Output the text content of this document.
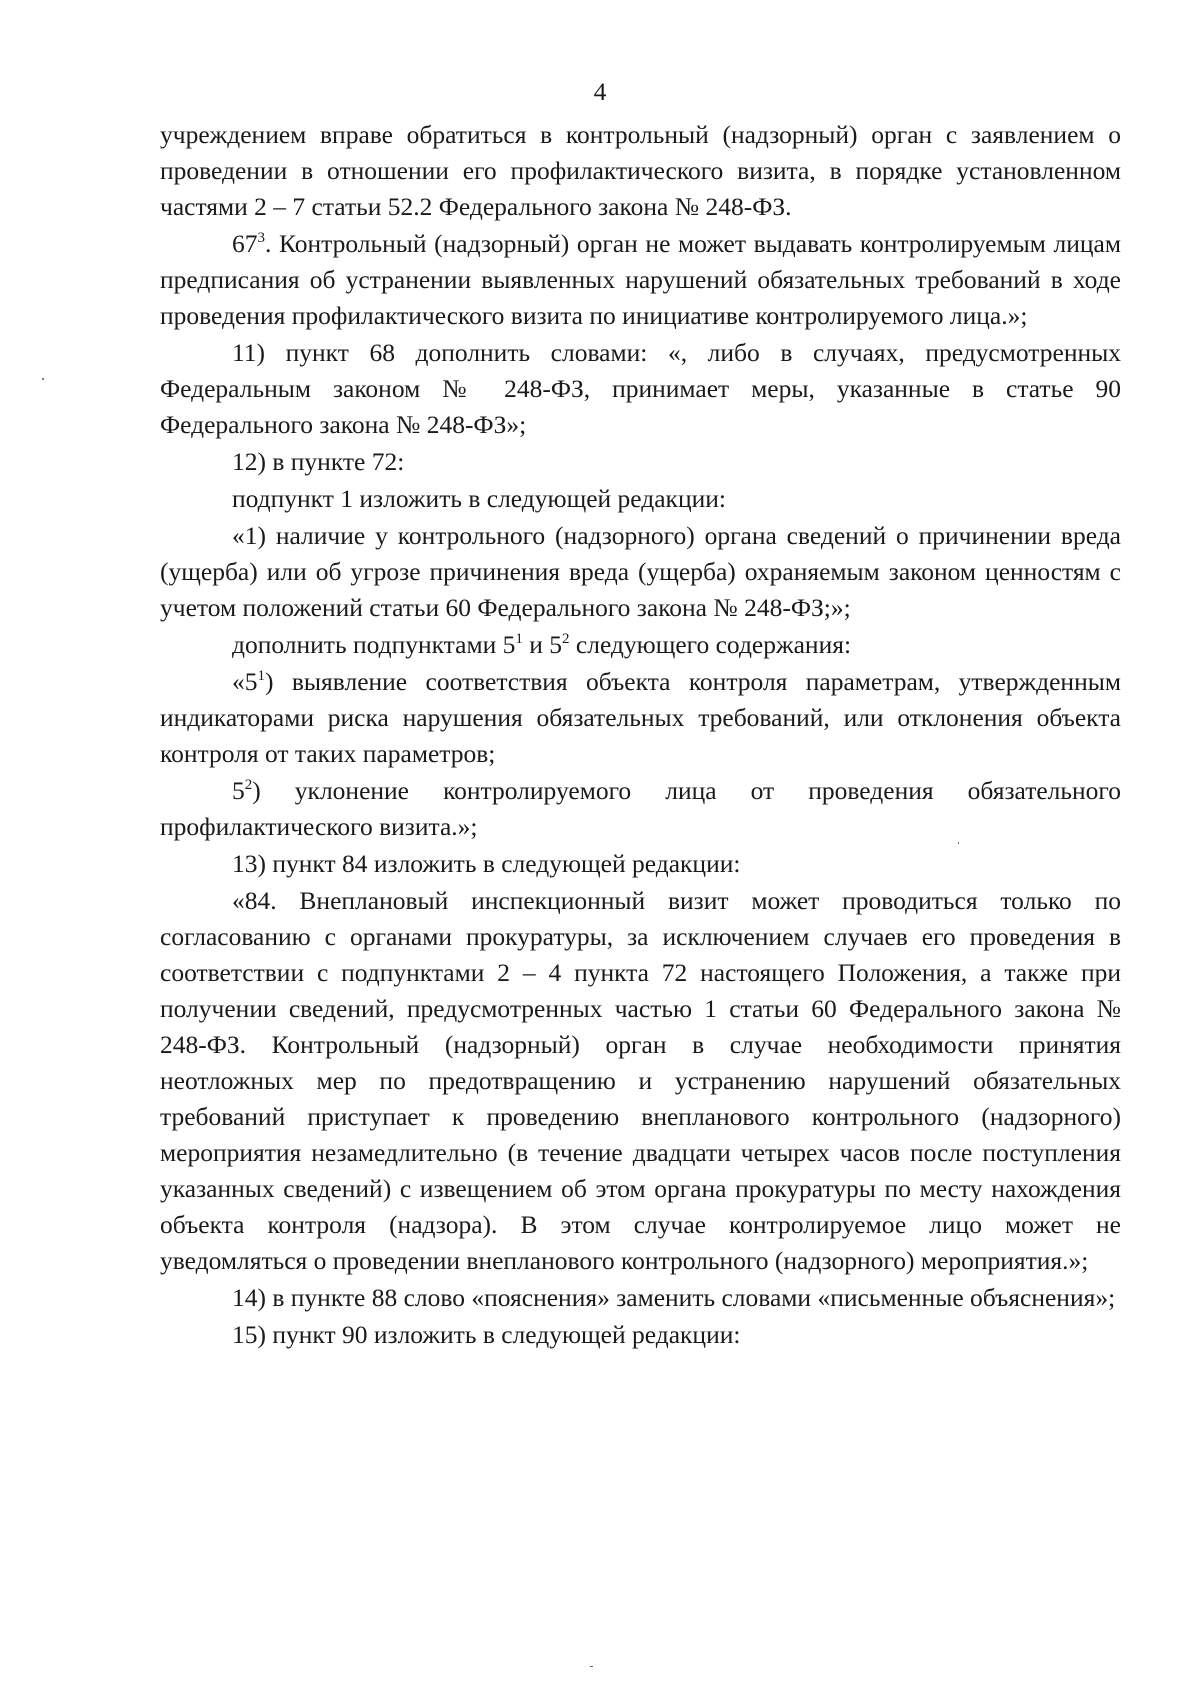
4

учреждением вправе обратиться в контрольный (надзорный) орган с заявлением о проведении в отношении его профилактического визита, в порядке установленном частями 2 – 7 статьи 52.2 Федерального закона № 248-ФЗ.

$67^3$. Контрольный (надзорный) орган не может выдавать контролируемым лицам предписания об устранении выявленных нарушений обязательных требований в ходе проведения профилактического визита по инициативе контролируемого лица.»;

11) пункт 68 дополнить словами: «, либо в случаях, предусмотренных Федеральным законом № 248-ФЗ, принимает меры, указанные в статье 90 Федерального закона № 248-ФЗ»;

12) в пункте 72:

подпункт 1 изложить в следующей редакции:

«1) наличие у контрольного (надзорного) органа сведений о причинении вреда (ущерба) или об угрозе причинения вреда (ущерба) охраняемым законом ценностям с учетом положений статьи 60 Федерального закона № 248-ФЗ;»;

дополнить подпунктами $5^1$ и $5^2$ следующего содержания:

«$5^1$) выявление соответствия объекта контроля параметрам, утвержденным индикаторами риска нарушения обязательных требований, или отклонения объекта контроля от таких параметров;

$5^2$) уклонение контролируемого лица от проведения обязательного профилактического визита.»;

13) пункт 84 изложить в следующей редакции:

«84. Внеплановый инспекционный визит может проводиться только по согласованию с органами прокуратуры, за исключением случаев его проведения в соответствии с подпунктами 2 – 4 пункта 72 настоящего Положения, а также при получении сведений, предусмотренных частью 1 статьи 60 Федерального закона № 248-ФЗ. Контрольный (надзорный) орган в случае необходимости принятия неотложных мер по предотвращению и устранению нарушений обязательных требований приступает к проведению внепланового контрольного (надзорного) мероприятия незамедлительно (в течение двадцати четырех часов после поступления указанных сведений) с извещением об этом органа прокуратуры по месту нахождения объекта контроля (надзора). В этом случае контролируемое лицо может не уведомляться о проведении внепланового контрольного (надзорного) мероприятия.»;

14) в пункте 88 слово «пояснения» заменить словами «письменные объяснения»;

15) пункт 90 изложить в следующей редакции:
